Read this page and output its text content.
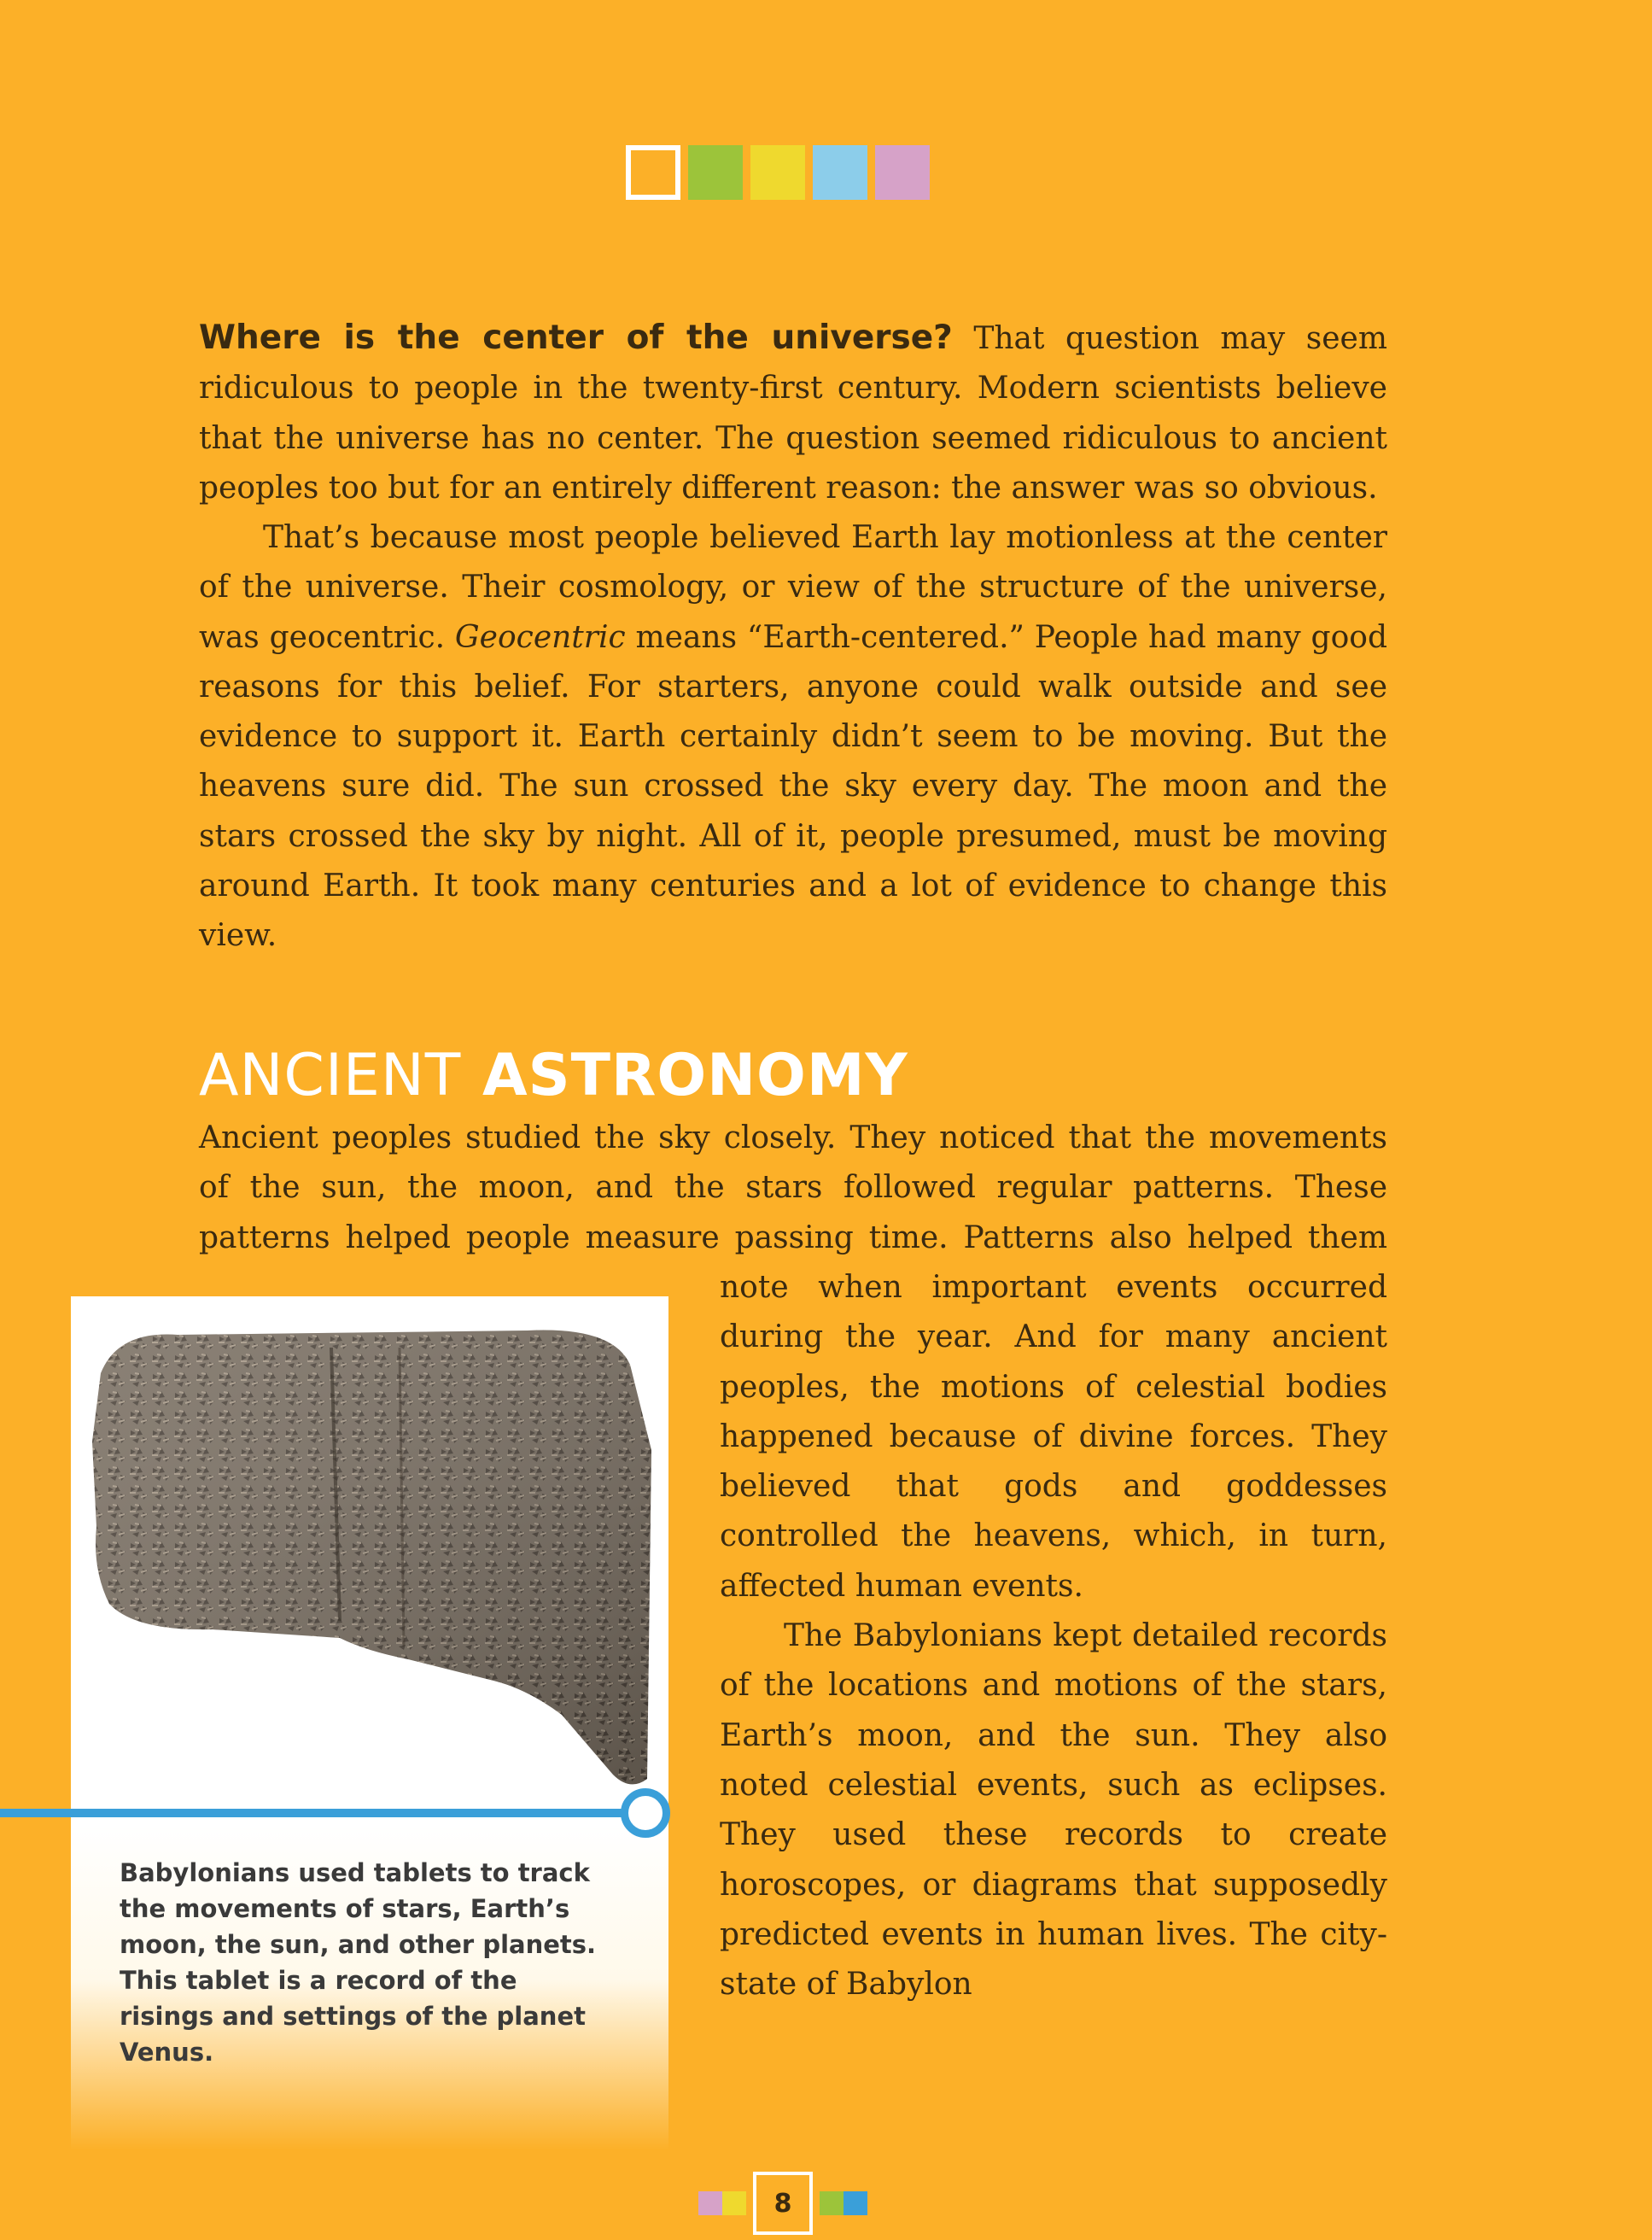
Where is the center of the universe? That question may seem ridiculous to people in the twenty-first century. Modern scientists believe that the universe has no center. The question seemed ridiculous to ancient peoples too but for an entirely different reason: the answer was so obvious.

That’s because most people believed Earth lay motionless at the center of the universe. Their cosmology, or view of the structure of the universe, was geocentric. Geocentric means “Earth-centered.” People had many good reasons for this belief. For starters, anyone could walk outside and see evidence to support it. Earth certainly didn’t seem to be moving. But the heavens sure did. The sun crossed the sky every day. The moon and the stars crossed the sky by night. All of it, people presumed, must be moving around Earth. It took many centuries and a lot of evidence to change this view.

ANCIENT ASTRONOMY

Ancient peoples studied the sky closely. They noticed that the movements of the sun, the moon, and the stars followed regular patterns. These patterns helped people measure passing time. Patterns also helped them

Babylonians used tablets to track the movements of stars, Earth’s moon, the sun, and other planets. This tablet is a record of the risings and settings of the planet Venus.

note when important events occurred during the year. And for many ancient peoples, the motions of celestial bodies happened because of divine forces. They believed that gods and goddesses controlled the heavens, which, in turn, affected human events.

The Babylonians kept detailed records of the locations and motions of the stars, Earth’s moon, and the sun. They also noted celestial events, such as eclipses. They used these records to create horoscopes, or diagrams that supposedly predicted events in human lives. The city-state of Babylon

8
